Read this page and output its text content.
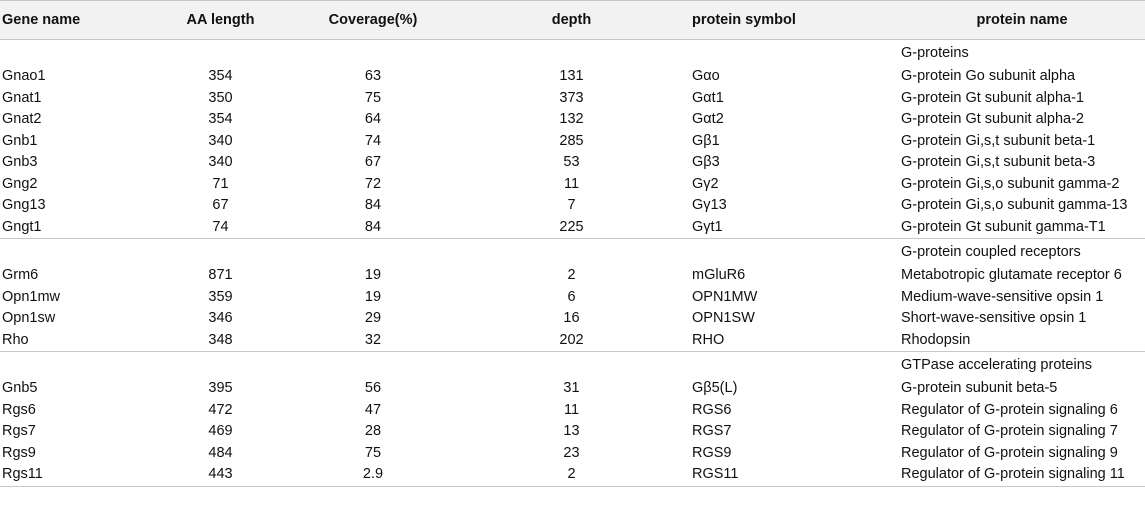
Gene name	AA length	Coverage(%)	depth	protein symbol	protein name
					G-proteins
Gnao1	354	63	131	Gαo	G-protein Go subunit alpha
Gnat1	350	75	373	Gαt1	G-protein Gt subunit alpha-1
Gnat2	354	64	132	Gαt2	G-protein Gt subunit alpha-2
Gnb1	340	74	285	Gβ1	G-protein Gi,s,t subunit beta-1
Gnb3	340	67	53	Gβ3	G-protein Gi,s,t subunit beta-3
Gng2	71	72	11	Gγ2	G-protein Gi,s,o subunit gamma-2
Gng13	67	84	7	Gγ13	G-protein Gi,s,o subunit gamma-13
Gngt1	74	84	225	Gγt1	G-protein Gt subunit gamma-T1
					G-protein coupled receptors
Grm6	871	19	2	mGluR6	Metabotropic glutamate receptor 6
Opn1mw	359	19	6	OPN1MW	Medium-wave-sensitive opsin 1
Opn1sw	346	29	16	OPN1SW	Short-wave-sensitive opsin 1
Rho	348	32	202	RHO	Rhodopsin
					GTPase accelerating proteins
Gnb5	395	56	31	Gβ5(L)	G-protein subunit beta-5
Rgs6	472	47	11	RGS6	Regulator of G-protein signaling 6
Rgs7	469	28	13	RGS7	Regulator of G-protein signaling 7
Rgs9	484	75	23	RGS9	Regulator of G-protein signaling 9
Rgs11	443	2.9	2	RGS11	Regulator of G-protein signaling 11
